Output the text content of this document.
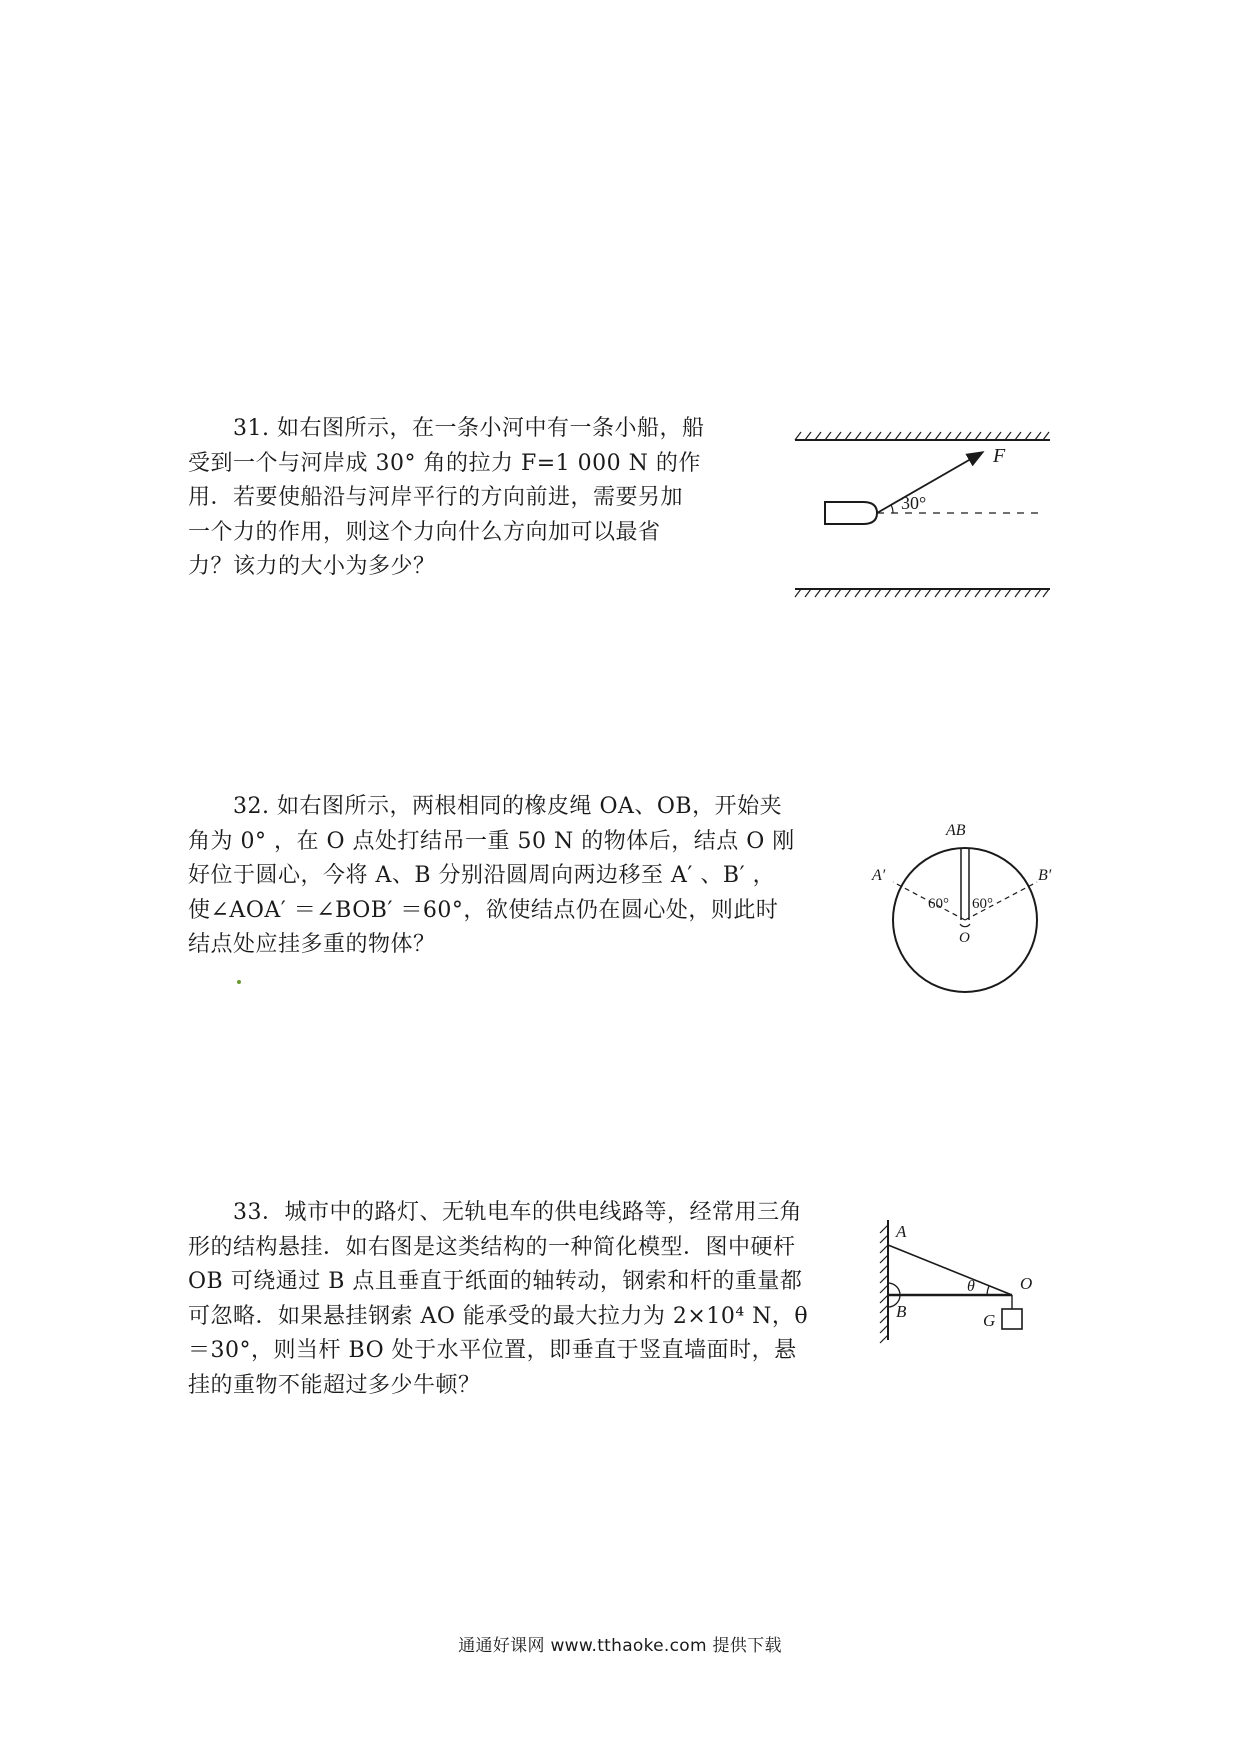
　　31. 如右图所示，在一条小河中有一条小船，船
受到一个与河岸成 30° 角的拉力 F=1 000 N 的作
用．若要使船沿与河岸平行的方向前进，需要另加
一个力的作用，则这个力向什么方向加可以最省
力？该力的大小为多少？
F
30°
　　32. 如右图所示，两根相同的橡皮绳 OA、OB，开始夹
角为 0° ，在 O 点处打结吊一重 50 N 的物体后，结点 O 刚
好位于圆心，今将 A、B 分别沿圆周向两边移至 A′ 、B′ ，
使∠AOA′ ＝∠BOB′ ＝60°，欲使结点仍在圆心处，则此时
结点处应挂多重的物体？
AB
A′	B′
O
60° 60°
　　33．城市中的路灯、无轨电车的供电线路等，经常用三角
形的结构悬挂．如右图是这类结构的一种简化模型．图中硬杆
OB 可绕通过 B 点且垂直于纸面的轴转动，钢索和杆的重量都
可忽略．如果悬挂钢索 AO 能承受的最大拉力为 2×10⁴ N，θ
＝30°，则当杆 BO 处于水平位置，即垂直于竖直墙面时，悬
挂的重物不能超过多少牛顿？
A
B
O
θ
G
通通好课网 www.tthaoke.com 提供下载
